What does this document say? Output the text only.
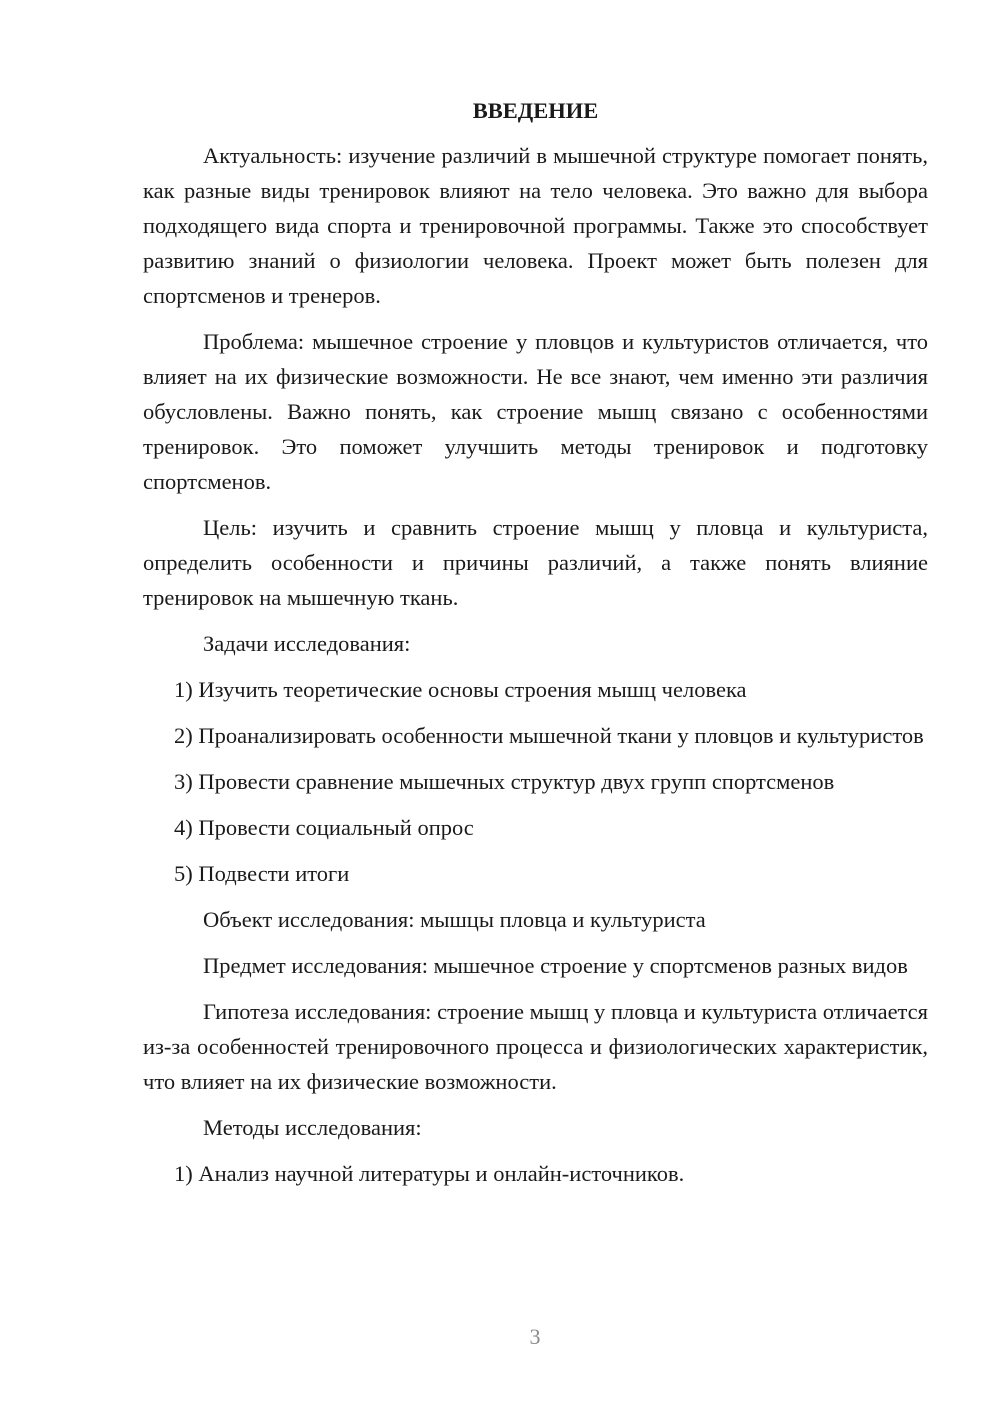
ВВЕДЕНИЕ

Актуальность: изучение различий в мышечной структуре помогает понять, как разные виды тренировок влияют на тело человека. Это важно для выбора подходящего вида спорта и тренировочной программы. Также это способствует развитию знаний о физиологии человека. Проект может быть полезен для спортсменов и тренеров.

Проблема: мышечное строение у пловцов и культуристов отличается, что влияет на их физические возможности. Не все знают, чем именно эти различия обусловлены. Важно понять, как строение мышц связано с особенностями тренировок. Это поможет улучшить методы тренировок и подготовку спортсменов.

Цель: изучить и сравнить строение мышц у пловца и культуриста, определить особенности и причины различий, а также понять влияние тренировок на мышечную ткань.

Задачи исследования:

1) Изучить теоретические основы строения мышц человека

2) Проанализировать особенности мышечной ткани у пловцов и культуристов

3) Провести сравнение мышечных структур двух групп спортсменов

4) Провести социальный опрос

5) Подвести итоги

Объект исследования: мышцы пловца и культуриста

Предмет исследования: мышечное строение у спортсменов разных видов

Гипотеза исследования: строение мышц у пловца и культуриста отличается из-за особенностей тренировочного процесса и физиологических характеристик, что влияет на их физические возможности.

Методы исследования:

1) Анализ научной литературы и онлайн-источников.

3
